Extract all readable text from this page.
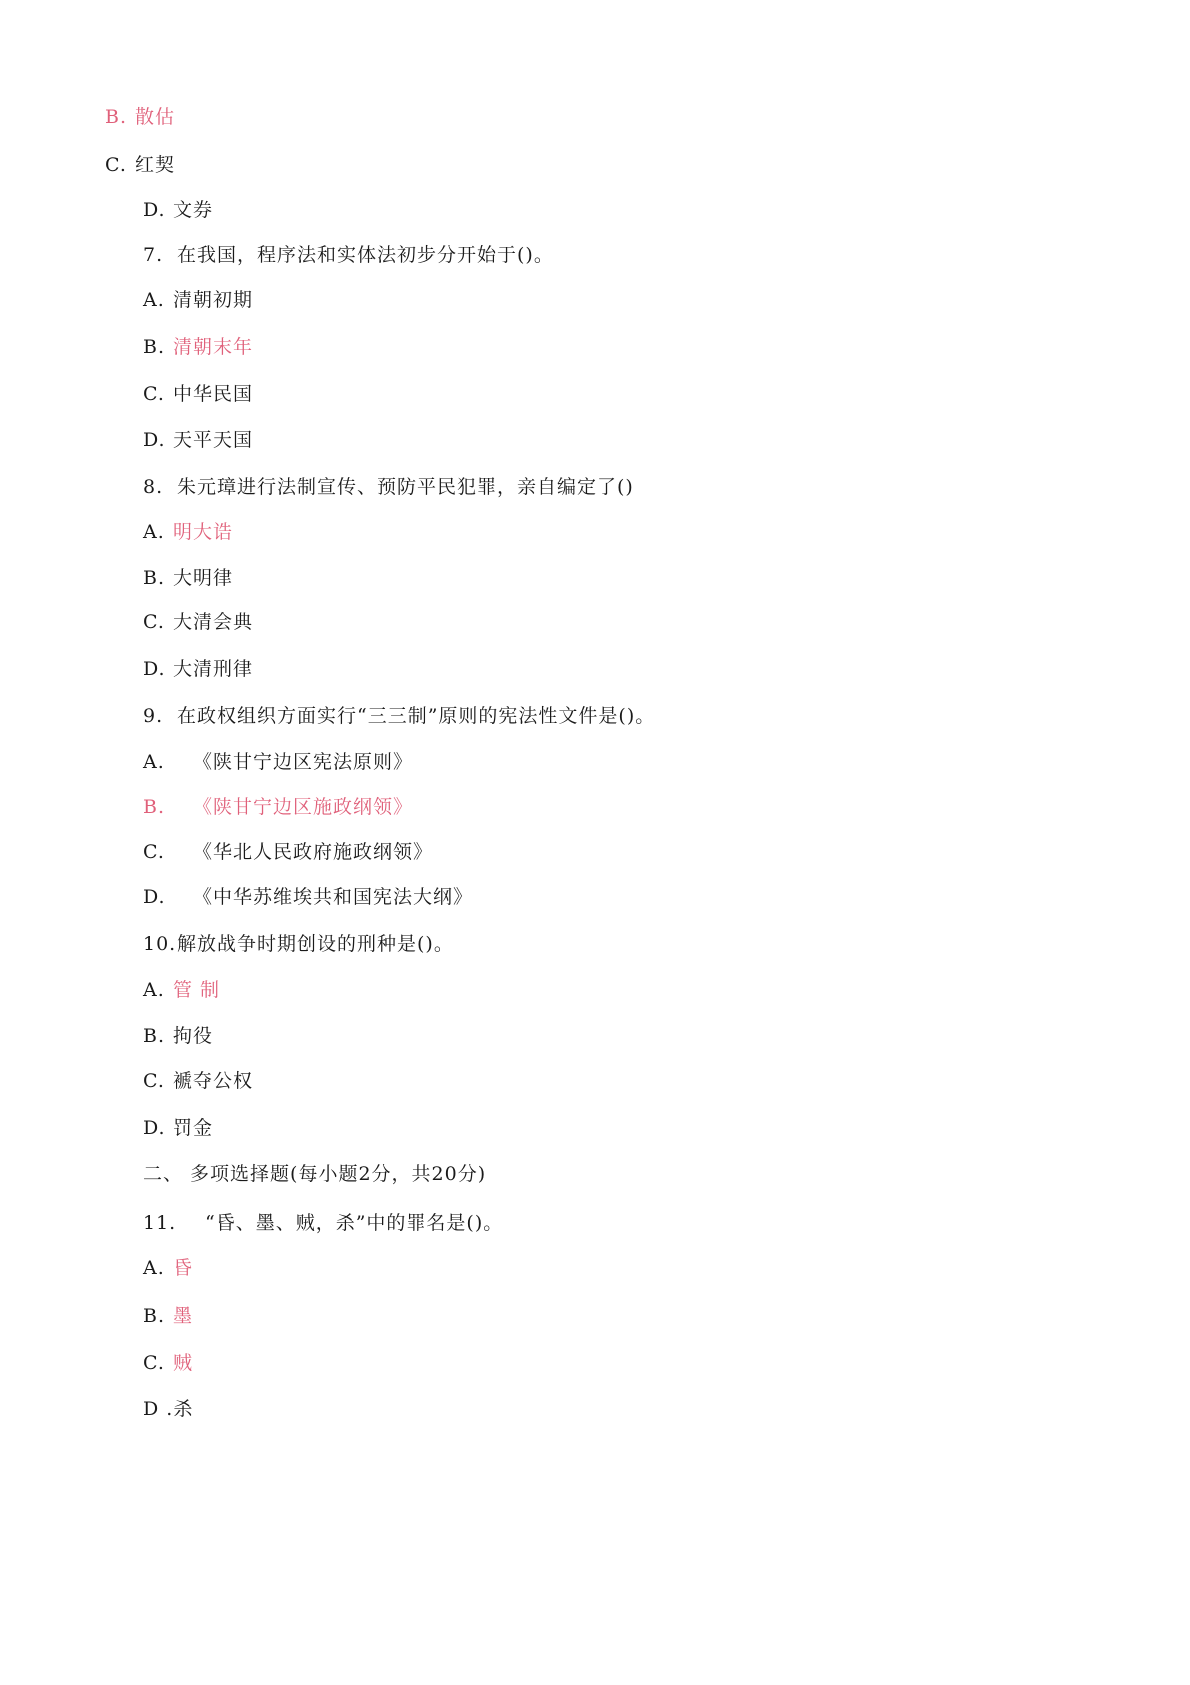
B. 散估
C. 红契
D. 文券
7. 在我国，程序法和实体法初步分开始于()。
A. 清朝初期
B. 清朝末年
C. 中华民国
D. 天平天国
8. 朱元璋进行法制宣传、预防平民犯罪，亲自编定了()
A. 明大诰
B. 大明律
C. 大清会典
D. 大清刑律
9. 在政权组织方面实行“三三制”原则的宪法性文件是()。
A. 《陕甘宁边区宪法原则》
B. 《陕甘宁边区施政纲领》
C. 《华北人民政府施政纲领》
D. 《中华苏维埃共和国宪法大纲》
10.解放战争时期创设的刑种是()。
A. 管 制
B. 拘役
C. 褫夺公权
D. 罚金
二、 多项选择题(每小题2分，共20分)
11. “昏、墨、贼，杀”中的罪名是()。
A. 昏
B. 墨
C. 贼
D .杀
